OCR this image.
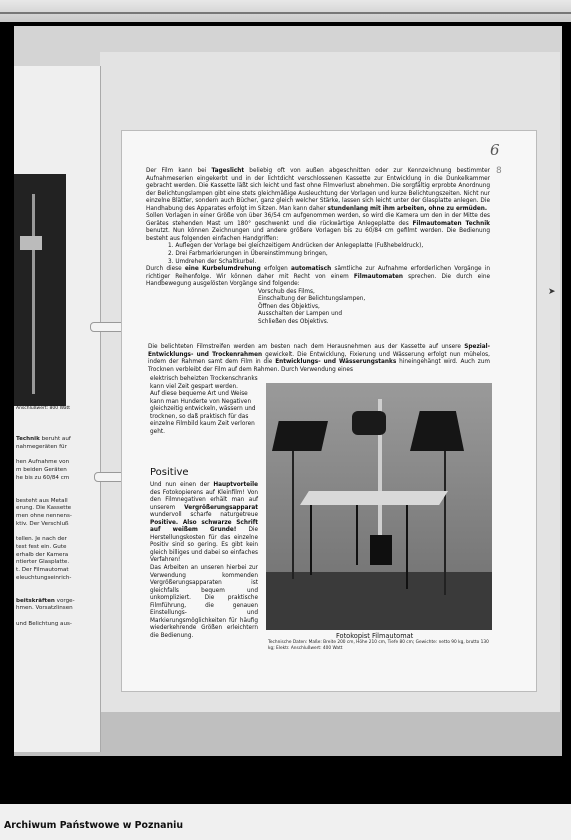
Anschlußwert: 800 Watt
Technik beruht auf
nahmegeräten für
hen Aufnahme von
m beiden Geräten
he bis zu 60/84 cm
besteht aus Metall
erung. Die Kassette
men ohne nennens-
ktiv. Der Verschluß
tellen. Je nach der
test fest ein. Gute
erhalb der Kamera
ntierter Glasplatte.
t. Der Filmautomat
eleuchtungseinrich-
beitskräften vorge-
hmen. Vorsatzlinsen
und Belichtung aus-
6
8
➤

Der Film kann bei Tageslicht beliebig oft von außen abgeschnitten oder zur Kennzeichnung bestimmter Aufnahmeserien eingekerbt und in der lichtdicht verschlossenen Kassette zur Entwicklung in die Dunkelkammer gebracht werden. Die Kassette läßt sich leicht und fast ohne Filmverlust abnehmen. Die sorgfältig erprobte Anordnung der Belichtungslampen gibt eine stets gleichmäßige Ausleuchtung der Vorlagen und kurze Belichtungszeiten. Nicht nur einzelne Blätter, sondern auch Bücher, ganz gleich welcher Stärke, lassen sich leicht unter der Glasplatte anlegen. Die Handhabung des Apparates erfolgt im Sitzen. Man kann daher stundenlang mit ihm arbeiten, ohne zu ermüden.

Sollen Vorlagen in einer Größe von über 36/54 cm aufgenommen werden, so wird die Kamera um den in der Mitte des Gerätes stehenden Mast um 180° geschwenkt und die rückwärtige Anlegeplatte des Filmautomaten Technik benutzt. Nun können Zeichnungen und andere größere Vorlagen bis zu 60/84 cm gefilmt werden. Die Bedienung besteht aus folgenden einfachen Handgriffen:

1. Auflegen der Vorlage bei gleichzeitigem Andrücken der Anlegeplatte (Fußhebeldruck),
2. Drei Farbmarkierungen in Übereinstimmung bringen,
3. Umdrehen der Schaltkurbel.

Durch diese eine Kurbelumdrehung erfolgen automatisch sämtliche zur Aufnahme erforderlichen Vorgänge in richtiger Reihenfolge. Wir können daher mit Recht von einem Filmautomaten sprechen. Die durch eine Handbewegung ausgelösten Vorgänge sind folgende:

Vorschub des Films,
Einschaltung der Belichtungslampen,
Öffnen des Objektivs,
Ausschalten der Lampen und
Schließen des Objektivs.
Die belichteten Filmstreifen werden am besten nach dem Herausnehmen aus der Kassette auf unsere Spezial-Entwicklungs- und Trockenrahmen gewickelt. Die Entwicklung, Fixierung und Wässerung erfolgt nun mühelos, indem der Rahmen samt dem Film in die Entwicklungs- und Wässerungstanks hineingehängt wird. Auch zum Trocknen verbleibt der Film auf dem Rahmen. Durch Verwendung eines
elektrisch beheizten Trockenschranks kann viel Zeit gespart werden.
Auf diese bequeme Art und Weise kann man Hunderte von Negativen gleichzeitig entwickeln, wässern und trocknen, so daß praktisch für das einzelne Filmbild kaum Zeit verloren geht.
Positive
Und nun einen der Hauptvorteile des Fotokopierens auf Kleinfilm! Von den Filmnegativen erhält man auf unserem Vergrößerungsapparat wundervoll scharfe naturgetreue Positive. Also schwarze Schrift auf weißem Grunde! Die Herstellungskosten für das einzelne Positiv sind so gering. Es gibt kein gleich billiges und dabei so einfaches Verfahren!
Das Arbeiten an unseren hierbei zur Verwendung kommenden Vergrößerungsapparaten ist gleichfalls bequem und unkompliziert. Die praktische Filmführung, die genauen Einstellungs- und Markierungsmöglichkeiten für häufig wiederkehrende Größen erleichtern die Bedienung.	Fotokopist Filmautomat
Technische Daten: Maße: Breite 200 cm, Höhe 210 cm, Tiefe 80 cm; Gewichte: netto 90 kg, brutto 130 kg; Elektr. Anschlußwert: 400 Watt
Archiwum Państwowe w Poznaniu
